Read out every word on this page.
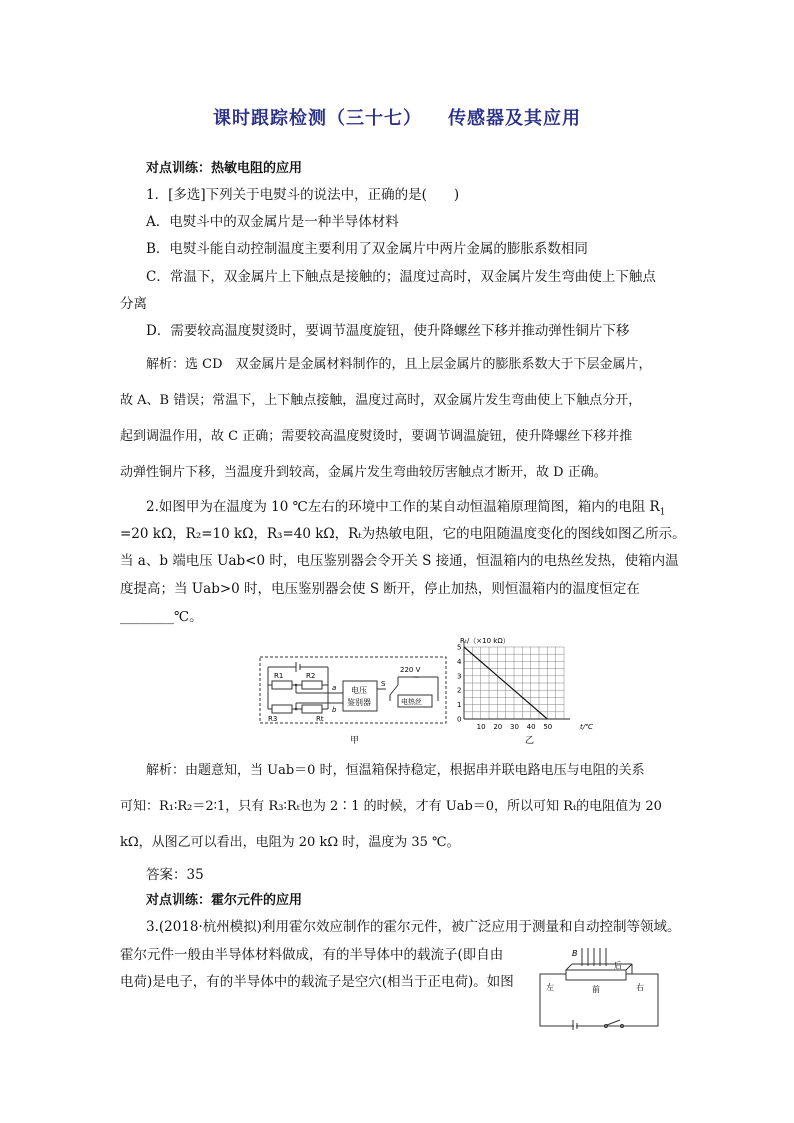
课时跟踪检测（三十七） 传感器及其应用
对点训练：热敏电阻的应用
1．[多选]下列关于电熨斗的说法中，正确的是(　　)
A．电熨斗中的双金属片是一种半导体材料
B．电熨斗能自动控制温度主要利用了双金属片中两片金属的膨胀系数相同
C．常温下，双金属片上下触点是接触的；温度过高时，双金属片发生弯曲使上下触点
分离
D．需要较高温度熨烫时，要调节温度旋钮，使升降螺丝下移并推动弹性铜片下移
解析：选 CD　双金属片是金属材料制作的，且上层金属片的膨胀系数大于下层金属片，
故 A、B 错误；常温下，上下触点接触，温度过高时，双金属片发生弯曲使上下触点分开，
起到调温作用，故 C 正确；需要较高温度熨烫时，要调节调温旋钮，使升降螺丝下移并推
动弹性铜片下移，当温度升到较高，金属片发生弯曲较厉害触点才断开，故 D 正确。
2.如图甲为在温度为 10 ℃左右的环境中工作的某自动恒温箱原理简图，箱内的电阻 $R_1$
=20 kΩ，R₂=10 kΩ，R₃=40 kΩ，Rₜ为热敏电阻，它的电阻随温度变化的图线如图乙所示。
当 a、b 端电压 Uab<0 时，电压鉴别器会令开关 S 接通，恒温箱内的电热丝发热，使箱内温
度提高；当 Uab>0 时，电压鉴别器会使 S 断开，停止加热，则恒温箱内的温度恒定在
________℃。
R1	R2
R3	Rt
a
b
电压
鉴别器
S
220 V
~
电热丝
甲
0
1
2
3
4
5
10 20 30 40 50
Rₜ/（×10 kΩ）
t/℃
乙
解析：由题意知，当 Uab＝0 时，恒温箱保持稳定，根据串并联电路电压与电阻的关系
可知：R₁∶R₂＝2∶1，只有 R₃∶Rₜ也为 2∶1 的时候，才有 Uab＝0，所以可知 Rₜ的电阻值为 20
kΩ，从图乙可以看出，电阻为 20 kΩ 时，温度为 35 ℃。
答案：35
对点训练：霍尔元件的应用
3.(2018·杭州模拟)利用霍尔效应制作的霍尔元件，被广泛应用于测量和自动控制等领域。
霍尔元件一般由半导体材料做成，有的半导体中的载流子(即自由
电荷)是电子，有的半导体中的载流子是空穴(相当于正电荷)。如图
B
后
左	前	右
